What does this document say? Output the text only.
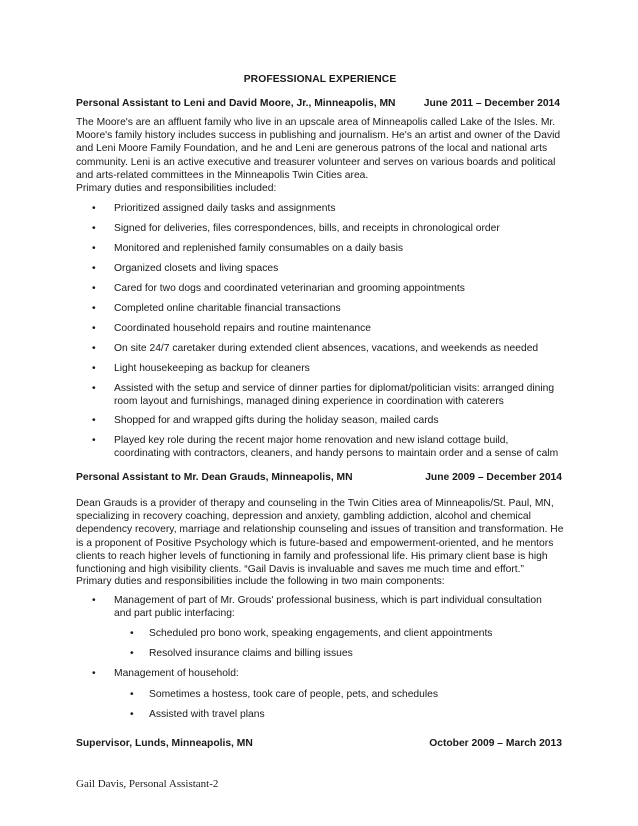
PROFESSIONAL EXPERIENCE
Personal Assistant to Leni and David Moore, Jr., Minneapolis, MN	June 2011 – December 2014

The Moore's are an affluent family who live in an upscale area of Minneapolis called Lake of the Isles. Mr. Moore's family history includes success in publishing and journalism. He's an artist and owner of the David and Leni Moore Family Foundation, and he and Leni are generous patrons of the local and national arts community. Leni is an active executive and treasurer volunteer and serves on various boards and political and arts-related committees in the Minneapolis Twin Cities area.

Primary duties and responsibilities included:

• Prioritized assigned daily tasks and assignments

• Signed for deliveries, files correspondences, bills, and receipts in chronological order

• Monitored and replenished family consumables on a daily basis

• Organized closets and living spaces

• Cared for two dogs and coordinated veterinarian and grooming appointments

• Completed online charitable financial transactions

• Coordinated household repairs and routine maintenance

• On site 24/7 caretaker during extended client absences, vacations, and weekends as needed

• Light housekeeping as backup for cleaners

• Assisted with the setup and service of dinner parties for diplomat/politician visits: arranged dining room layout and furnishings, managed dining experience in coordination with caterers

• Shopped for and wrapped gifts during the holiday season, mailed cards

• Played key role during the recent major home renovation and new island cottage build, coordinating with contractors, cleaners, and handy persons to maintain order and a sense of calm

Personal Assistant to Mr. Dean Grauds, Minneapolis, MN	June 2009 – December 2014

Dean Grauds is a provider of therapy and counseling in the Twin Cities area of Minneapolis/St. Paul, MN, specializing in recovery coaching, depression and anxiety, gambling addiction, alcohol and chemical dependency recovery, marriage and relationship counseling and issues of transition and transformation. He is a proponent of Positive Psychology which is future-based and empowerment-oriented, and he mentors clients to reach higher levels of functioning in family and professional life. His primary client base is high functioning and high visibility clients. “Gail Davis is invaluable and saves me much time and effort.”

Primary duties and responsibilities include the following in two main components:

• Management of part of Mr. Grouds' professional business, which is part individual consultation and part public interfacing:

• Scheduled pro bono work, speaking engagements, and client appointments

• Resolved insurance claims and billing issues

• Management of household:

• Sometimes a hostess, took care of people, pets, and schedules

• Assisted with travel plans

Supervisor, Lunds, Minneapolis, MN	October 2009 – March 2013
Gail Davis, Personal Assistant-2
